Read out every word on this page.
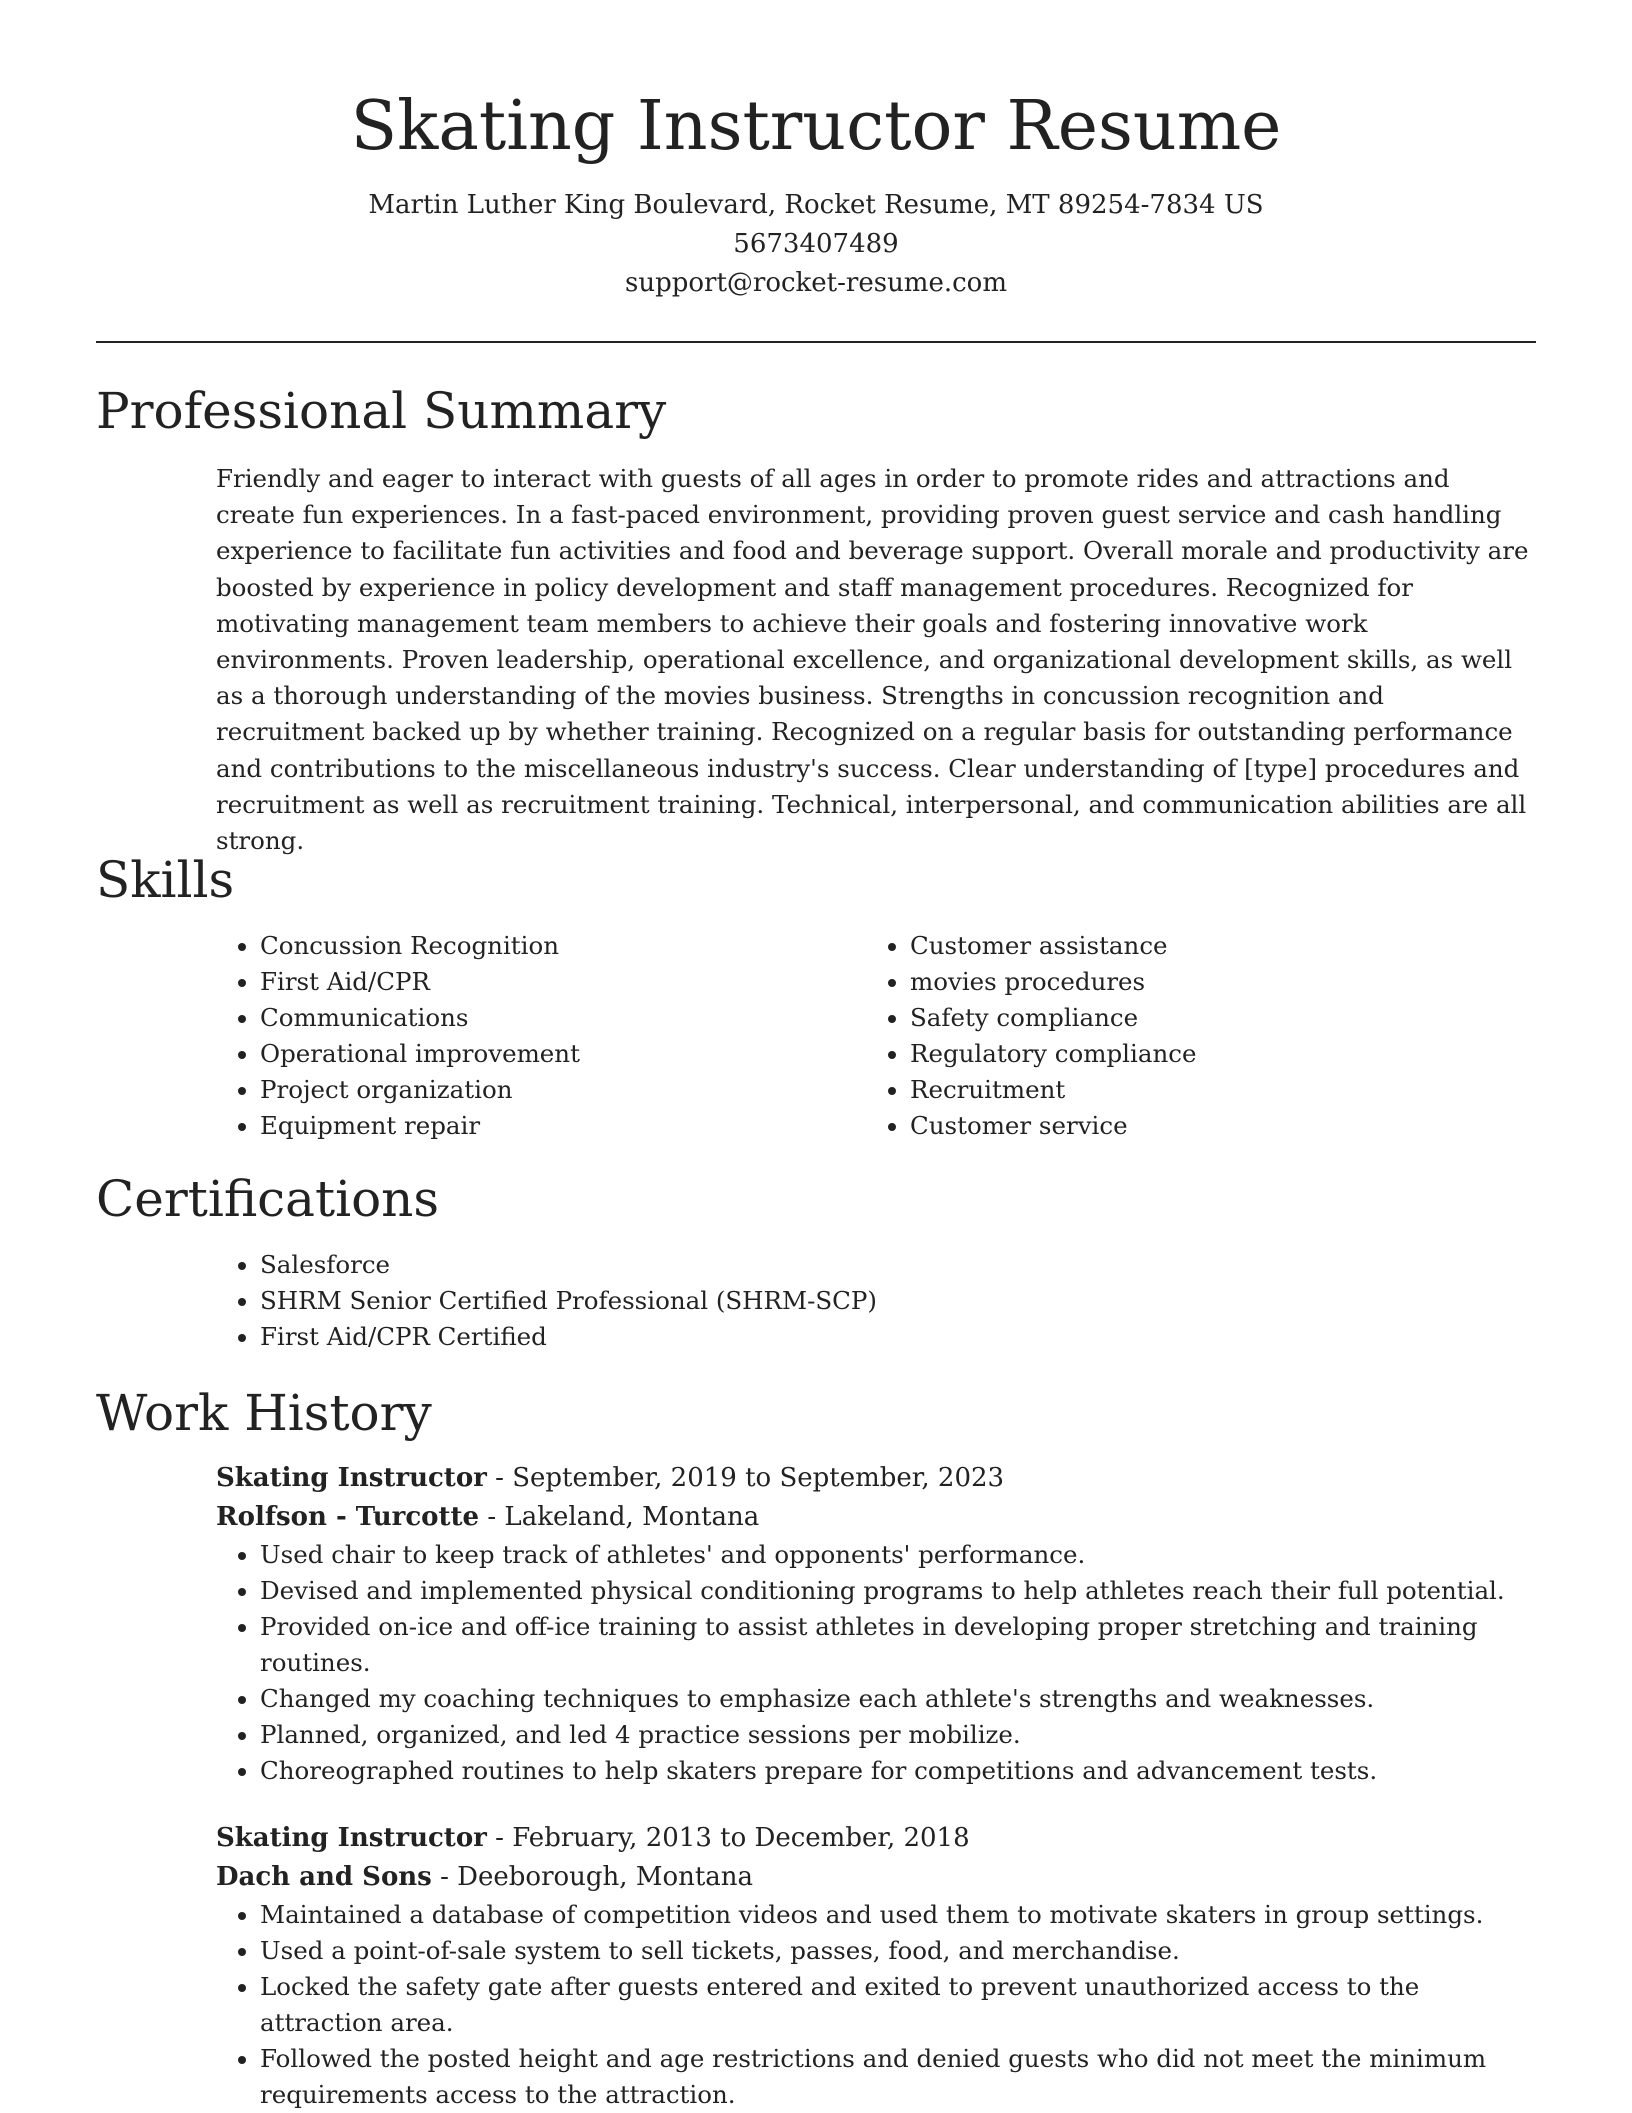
Skating Instructor Resume
Martin Luther King Boulevard, Rocket Resume, MT 89254-7834 US
5673407489
support@rocket-resume.com
Professional Summary
Friendly and eager to interact with guests of all ages in order to promote rides and attractions and create fun experiences. In a fast-paced environment, providing proven guest service and cash handling experience to facilitate fun activities and food and beverage support. Overall morale and productivity are boosted by experience in policy development and staff management procedures. Recognized for motivating management team members to achieve their goals and fostering innovative work environments. Proven leadership, operational excellence, and organizational development skills, as well as a thorough understanding of the movies business. Strengths in concussion recognition and recruitment backed up by whether training. Recognized on a regular basis for outstanding performance and contributions to the miscellaneous industry's success. Clear understanding of [type] procedures and recruitment as well as recruitment training. Technical, interpersonal, and communication abilities are all strong.
Skills
• Concussion Recognition
• First Aid/CPR
• Communications
• Operational improvement
• Project organization
• Equipment repair
• Customer assistance
• movies procedures
• Safety compliance
• Regulatory compliance
• Recruitment
• Customer service
Certifications
• Salesforce
• SHRM Senior Certified Professional (SHRM-SCP)
• First Aid/CPR Certified
Work History
Skating Instructor - September, 2019 to September, 2023
Rolfson - Turcotte - Lakeland, Montana
• Used chair to keep track of athletes' and opponents' performance.
• Devised and implemented physical conditioning programs to help athletes reach their full potential.
• Provided on-ice and off-ice training to assist athletes in developing proper stretching and training routines.
• Changed my coaching techniques to emphasize each athlete's strengths and weaknesses.
• Planned, organized, and led 4 practice sessions per mobilize.
• Choreographed routines to help skaters prepare for competitions and advancement tests.
Skating Instructor - February, 2013 to December, 2018
Dach and Sons - Deeborough, Montana
• Maintained a database of competition videos and used them to motivate skaters in group settings.
• Used a point-of-sale system to sell tickets, passes, food, and merchandise.
• Locked the safety gate after guests entered and exited to prevent unauthorized access to the attraction area.
• Followed the posted height and age restrictions and denied guests who did not meet the minimum requirements access to the attraction.
